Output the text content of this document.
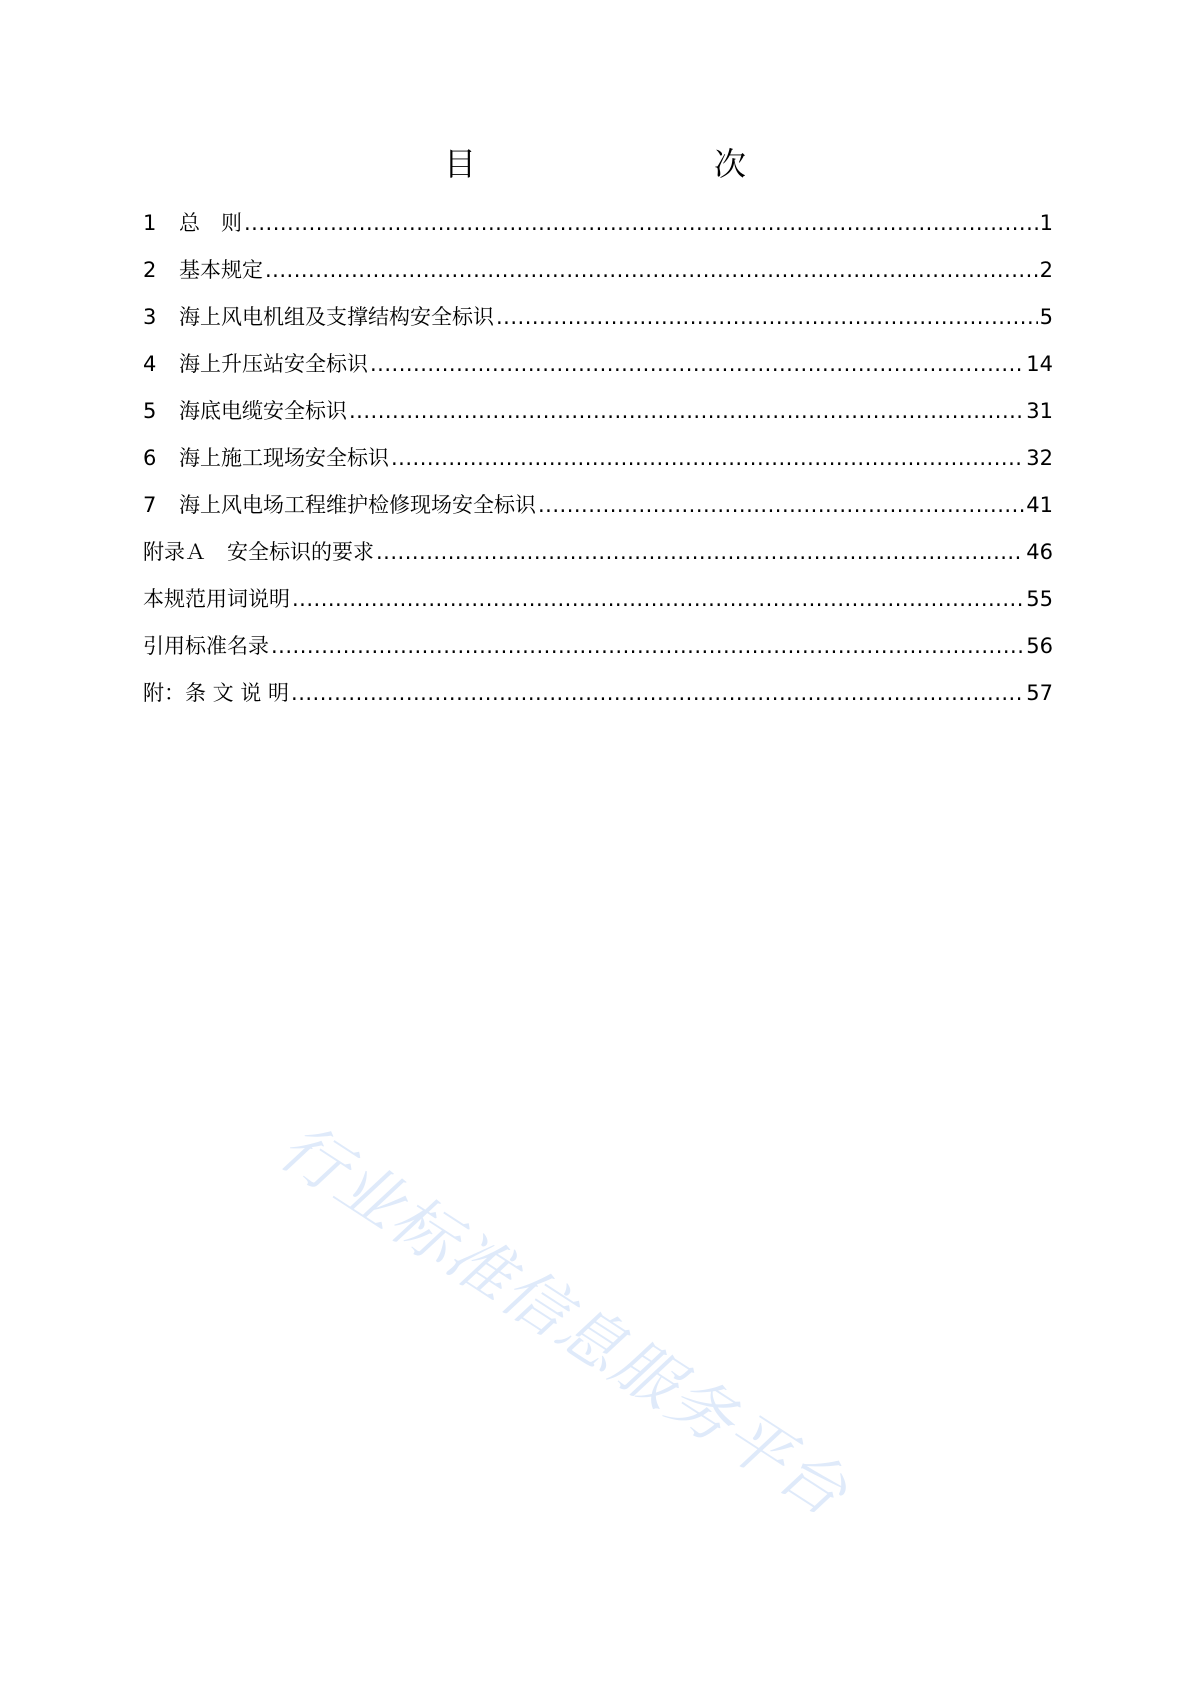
目　　次
1	总　则 .....	1
2	基本规定 .....	2
3	海上风电机组及支撑结构安全标识 .....	5
4	海上升压站安全标识 .....	14
5	海底电缆安全标识 .....	31
6	海上施工现场安全标识 .....	32
7	海上风电场工程维护检修现场安全标识 .....	41
附录Ａ　安全标识的要求 .....	46
本规范用词说明 .....	55
引用标准名录 .....	56
附：条 文 说 明 .....	57
行业标准信息服务平台
